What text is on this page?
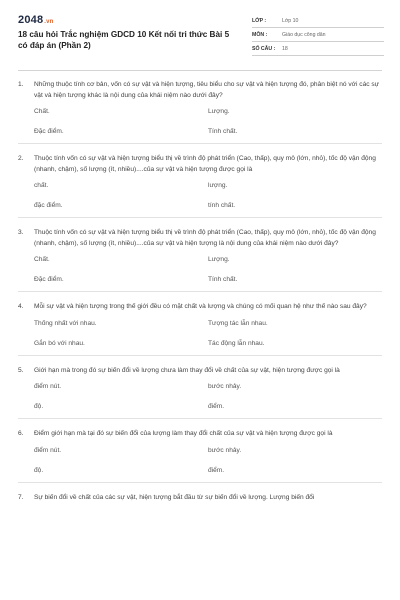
2048.vn
18 câu hỏi Trắc nghiệm GDCD 10 Kết nối tri thức Bài 5 có đáp án (Phần 2)
LỚP :	Lớp 10
MÔN :	Giáo dục công dân
SỐ CÂU :	18
1.	Những thuộc tính cơ bản, vốn có sự vật và hiện tượng, tiêu biểu cho sự vật và hiện tượng đó, phân biệt nó với các sự vật và hiện tượng khác là nội dung của khái niệm nào dưới đây?
Chất.	Lượng.
Đặc điểm.	Tính chất.
2.	Thuộc tính vốn có sự vật và hiện tượng biểu thị về trình độ phát triển (Cao, thấp), quy mô (lớn, nhỏ), tốc độ vận động (nhanh, chậm), số lượng (ít, nhiều)....của sự vật và hiện tượng được gọi là
chất.	lượng.
đặc điểm.	tính chất.
3.	Thuộc tính vốn có sự vật và hiện tượng biểu thị về trình độ phát triển (Cao, thấp), quy mô (lớn, nhỏ), tốc độ vận động (nhanh, chậm), số lượng (ít, nhiều)....của sự vật và hiện tượng là nội dung của khái niệm nào dưới đây?
Chất.	Lượng.
Đặc điểm.	Tính chất.
4.	Mỗi sự vật và hiện tượng trong thế giới đều có mặt chất và lượng và chúng có mối quan hệ như thế nào sau đây?
Thống nhất với nhau.	Tượng tác lẫn nhau.
Gắn bó với nhau.	Tác động lẫn nhau.
5.	Giới hạn mà trong đó sự biến đổi về lượng chưa làm thay đổi về chất của sự vật, hiện tượng được gọi là
điểm nút.	bước nhảy.
độ.	điểm.
6.	Điểm giới hạn mà tại đó sự biến đổi của lượng làm thay đổi chất của sự vật và hiện tượng được gọi là
điểm nút.	bước nhảy.
độ.	điểm.
7.	Sự biến đổi về chất của các sự vật, hiện tượng bắt đầu từ sự biến đổi về lượng. Lượng biến đổi
